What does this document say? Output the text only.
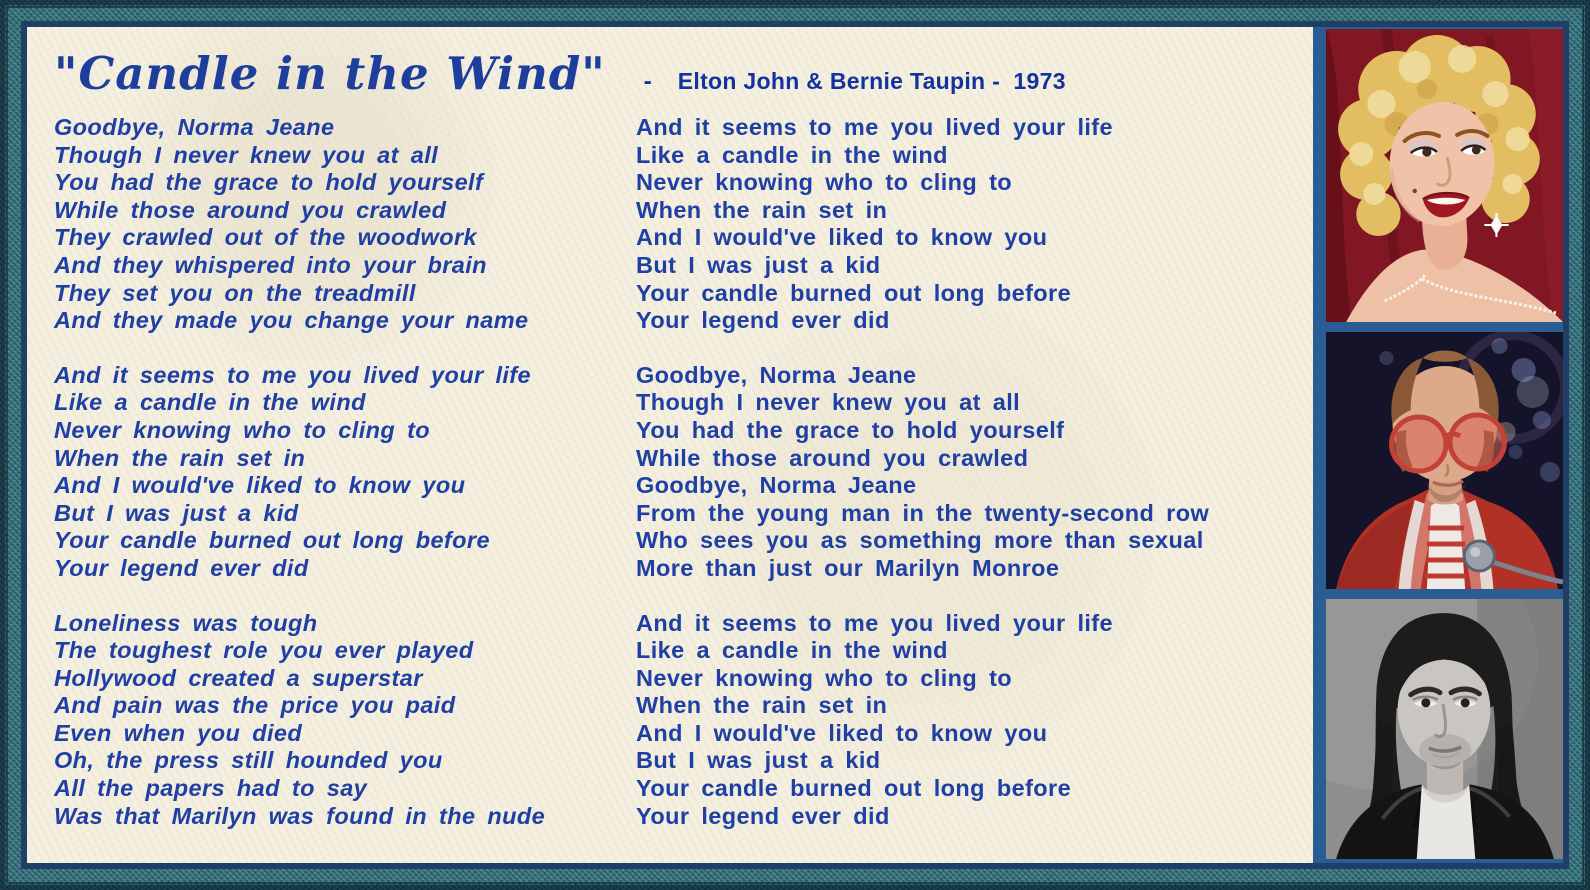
"Candle in the Wind" - Elton John & Bernie Taupin -  1973
Goodbye, Norma Jeane
Though I never knew you at all
You had the grace to hold yourself
While those around you crawled
They crawled out of the woodwork
And they whispered into your brain
They set you on the treadmill
And they made you change your name
And it seems to me you lived your life
Like a candle in the wind
Never knowing who to cling to
When the rain set in
And I would've liked to know you
But I was just a kid
Your candle burned out long before
Your legend ever did
Loneliness was tough
The toughest role you ever played
Hollywood created a superstar
And pain was the price you paid
Even when you died
Oh, the press still hounded you
All the papers had to say
Was that Marilyn was found in the nude
And it seems to me you lived your life
Like a candle in the wind
Never knowing who to cling to
When the rain set in
And I would've liked to know you
But I was just a kid
Your candle burned out long before
Your legend ever did
Goodbye, Norma Jeane
Though I never knew you at all
You had the grace to hold yourself
While those around you crawled
Goodbye, Norma Jeane
From the young man in the twenty-second row
Who sees you as something more than sexual
More than just our Marilyn Monroe
And it seems to me you lived your life
Like a candle in the wind
Never knowing who to cling to
When the rain set in
And I would've liked to know you
But I was just a kid
Your candle burned out long before
Your legend ever did
